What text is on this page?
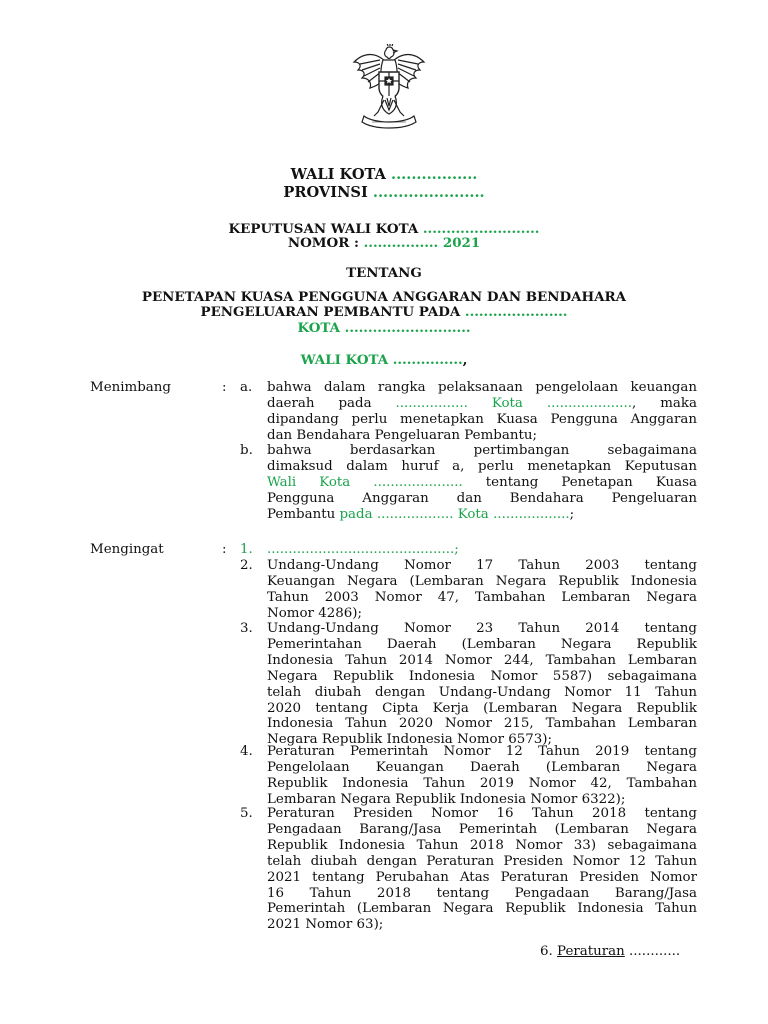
WALI KOTA .................
PROVINSI ......................
KEPUTUSAN WALI KOTA .........................
NOMOR : ................ 2021
TENTANG
PENETAPAN KUASA PENGGUNA ANGGARAN DAN BENDAHARA
PENGELUARAN PEMBANTU PADA ......................
KOTA ...........................
WALI KOTA ...............,
Menimbang	: a. bahwa dalam rangka pelaksanaan pengelolaan keuangan
daerah pada ................. Kota ...................., maka
dipandang perlu menetapkan Kuasa Pengguna Anggaran
dan Bendahara Pengeluaran Pembantu;
b. bahwa berdasarkan pertimbangan sebagaimana
dimaksud dalam huruf a, perlu menetapkan Keputusan
Wali Kota ..................... tentang Penetapan Kuasa
Pengguna Anggaran dan Bendahara Pengeluaran
Pembantu pada .................. Kota ..................;
Mengingat	: 1. ............................................;
2. Undang-Undang Nomor 17 Tahun 2003 tentang
Keuangan Negara (Lembaran Negara Republik Indonesia
Tahun 2003 Nomor 47, Tambahan Lembaran Negara
Nomor 4286);
3. Undang-Undang Nomor 23 Tahun 2014 tentang
Pemerintahan Daerah (Lembaran Negara Republik
Indonesia Tahun 2014 Nomor 244, Tambahan Lembaran
Negara Republik Indonesia Nomor 5587) sebagaimana
telah diubah dengan Undang-Undang Nomor 11 Tahun
2020 tentang Cipta Kerja (Lembaran Negara Republik
Indonesia Tahun 2020 Nomor 215, Tambahan Lembaran
Negara Republik Indonesia Nomor 6573);
4. Peraturan Pemerintah Nomor 12 Tahun 2019 tentang
Pengelolaan Keuangan Daerah (Lembaran Negara
Republik Indonesia Tahun 2019 Nomor 42, Tambahan
Lembaran Negara Republik Indonesia Nomor 6322);
5. Peraturan Presiden Nomor 16 Tahun 2018 tentang
Pengadaan Barang/Jasa Pemerintah (Lembaran Negara
Republik Indonesia Tahun 2018 Nomor 33) sebagaimana
telah diubah dengan Peraturan Presiden Nomor 12 Tahun
2021 tentang Perubahan Atas Peraturan Presiden Nomor
16 Tahun 2018 tentang Pengadaan Barang/Jasa
Pemerintah (Lembaran Negara Republik Indonesia Tahun
2021 Nomor 63);
6. Peraturan ............
